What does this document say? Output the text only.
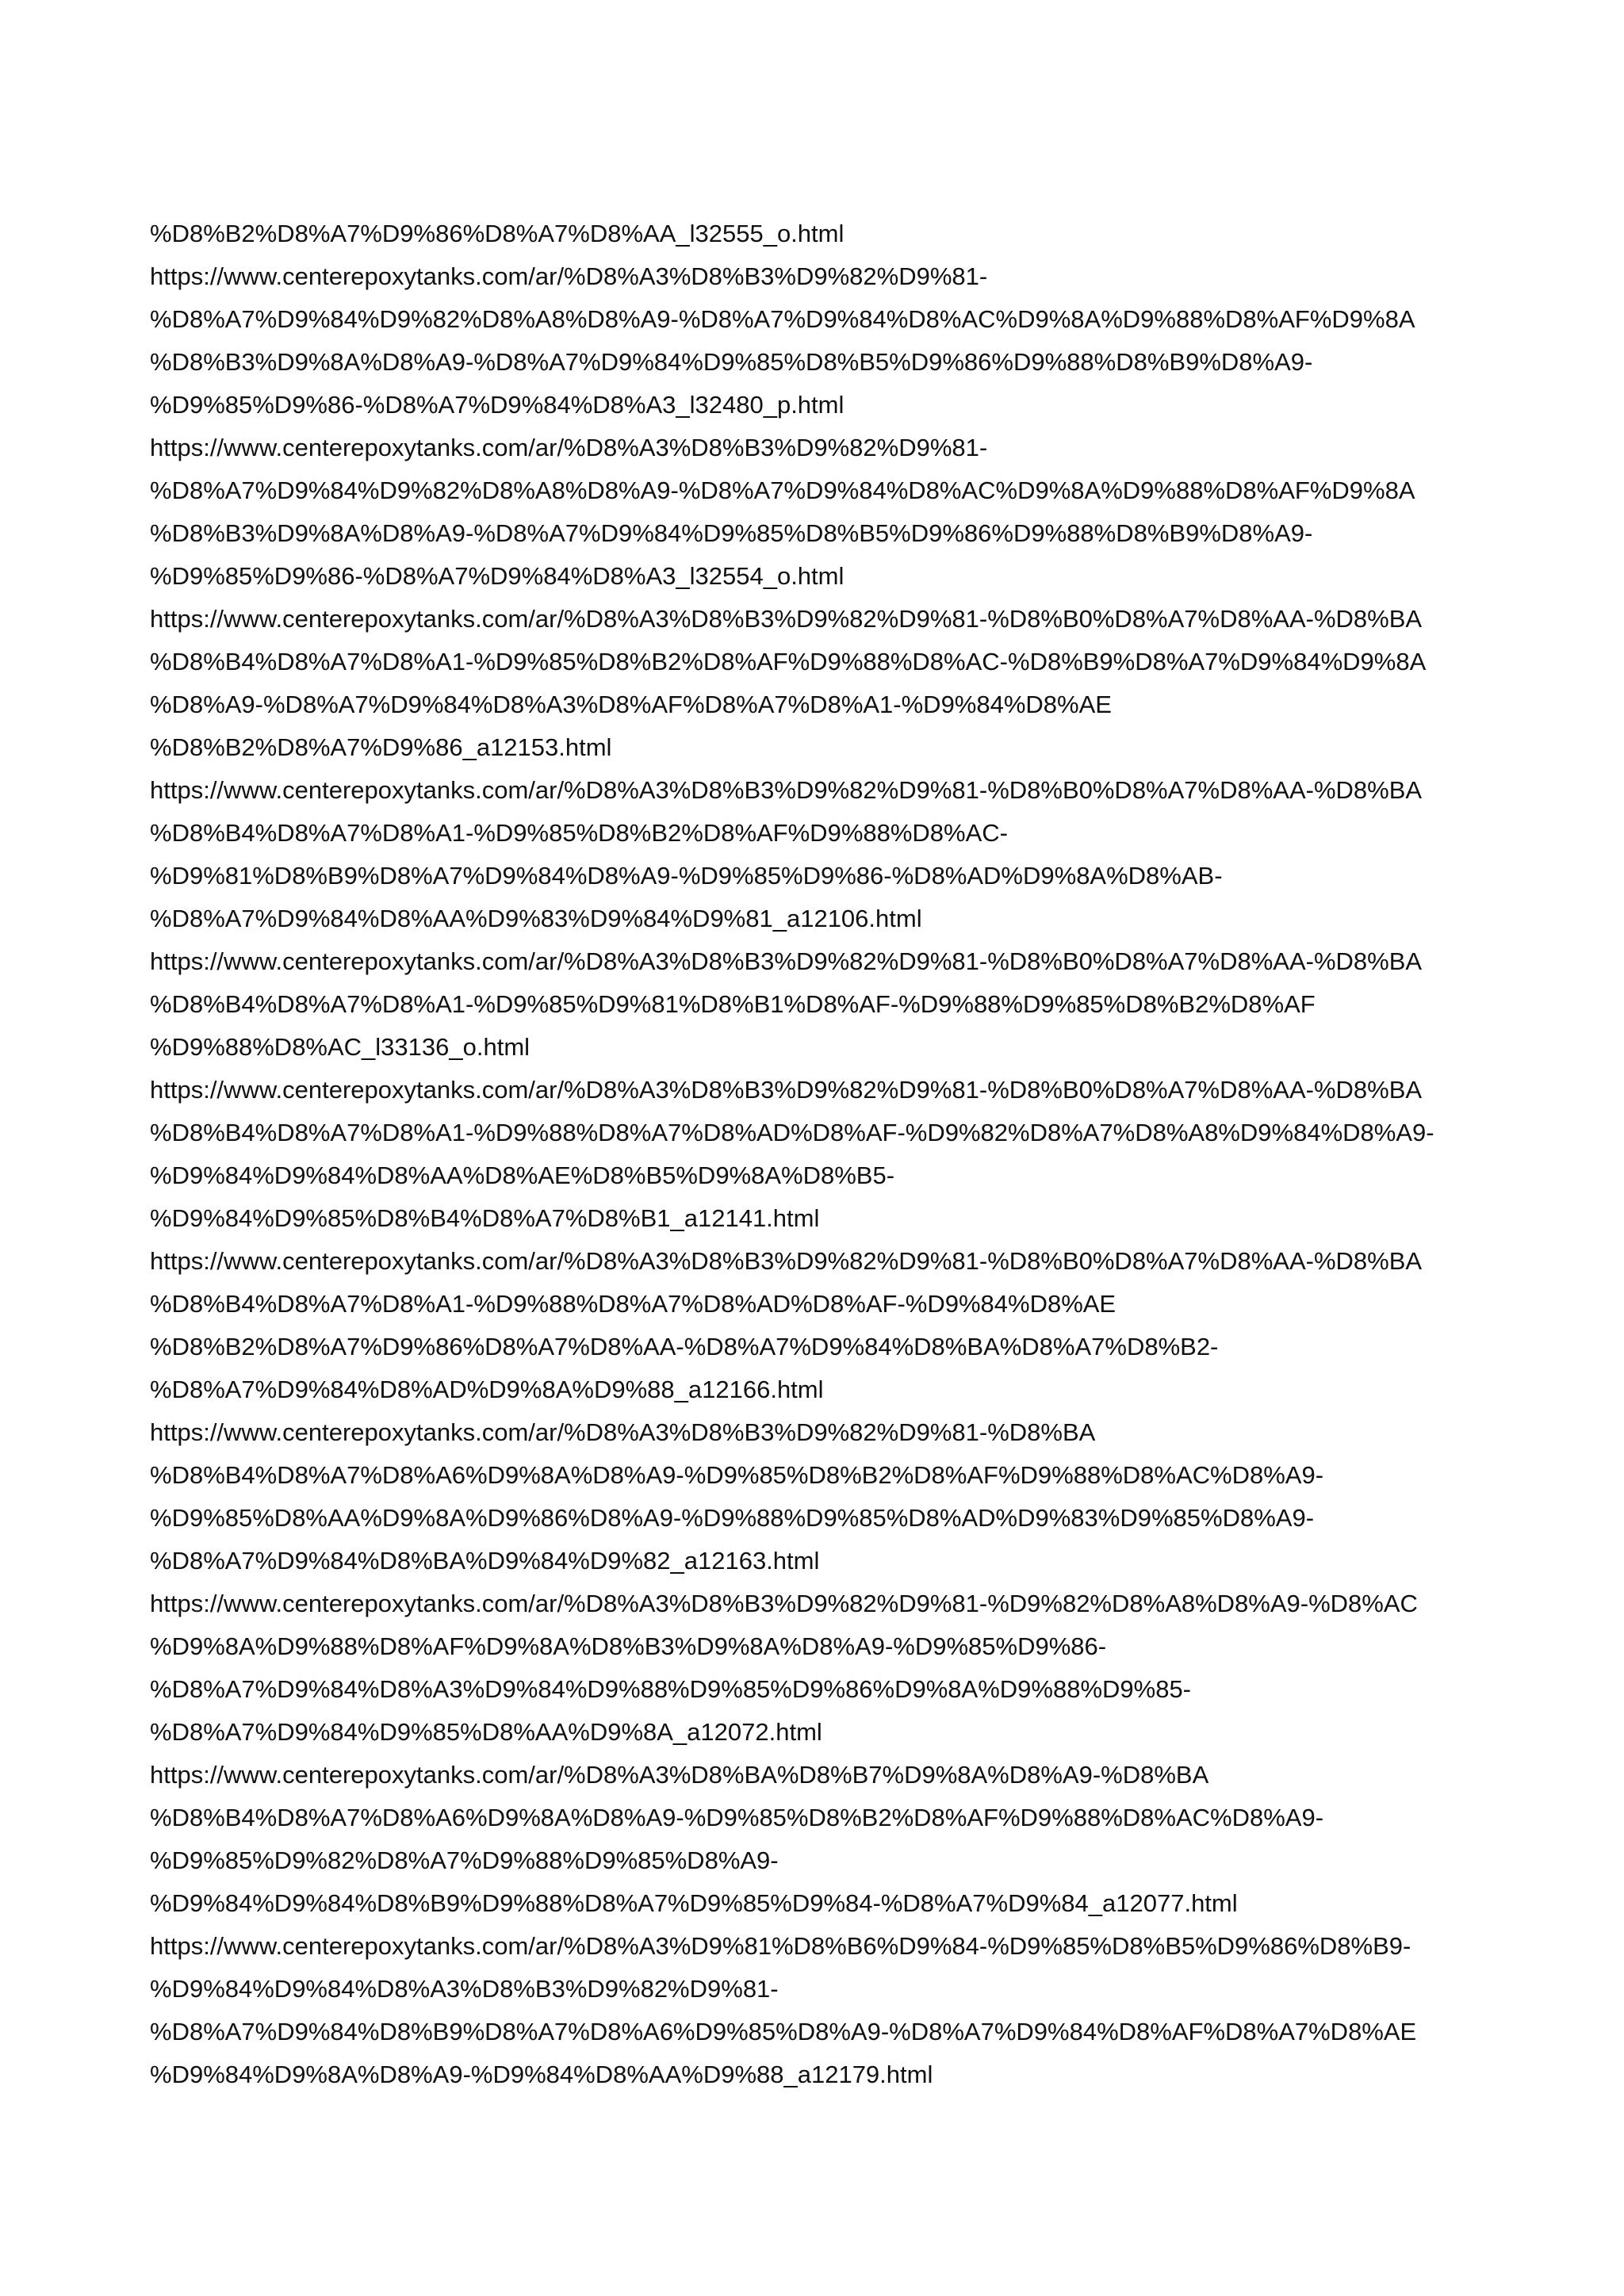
%D8%B2%D8%A7%D9%86%D8%A7%D8%AA_l32555_o.html
https://www.centerepoxytanks.com/ar/%D8%A3%D8%B3%D9%82%D9%81-
%D8%A7%D9%84%D9%82%D8%A8%D8%A9-%D8%A7%D9%84%D8%AC%D9%8A%D9%88%D8%AF%D9%8A
%D8%B3%D9%8A%D8%A9-%D8%A7%D9%84%D9%85%D8%B5%D9%86%D9%88%D8%B9%D8%A9-
%D9%85%D9%86-%D8%A7%D9%84%D8%A3_l32480_p.html
https://www.centerepoxytanks.com/ar/%D8%A3%D8%B3%D9%82%D9%81-
%D8%A7%D9%84%D9%82%D8%A8%D8%A9-%D8%A7%D9%84%D8%AC%D9%8A%D9%88%D8%AF%D9%8A
%D8%B3%D9%8A%D8%A9-%D8%A7%D9%84%D9%85%D8%B5%D9%86%D9%88%D8%B9%D8%A9-
%D9%85%D9%86-%D8%A7%D9%84%D8%A3_l32554_o.html
https://www.centerepoxytanks.com/ar/%D8%A3%D8%B3%D9%82%D9%81-%D8%B0%D8%A7%D8%AA-%D8%BA
%D8%B4%D8%A7%D8%A1-%D9%85%D8%B2%D8%AF%D9%88%D8%AC-%D8%B9%D8%A7%D9%84%D9%8A
%D8%A9-%D8%A7%D9%84%D8%A3%D8%AF%D8%A7%D8%A1-%D9%84%D8%AE
%D8%B2%D8%A7%D9%86_a12153.html
https://www.centerepoxytanks.com/ar/%D8%A3%D8%B3%D9%82%D9%81-%D8%B0%D8%A7%D8%AA-%D8%BA
%D8%B4%D8%A7%D8%A1-%D9%85%D8%B2%D8%AF%D9%88%D8%AC-
%D9%81%D8%B9%D8%A7%D9%84%D8%A9-%D9%85%D9%86-%D8%AD%D9%8A%D8%AB-
%D8%A7%D9%84%D8%AA%D9%83%D9%84%D9%81_a12106.html
https://www.centerepoxytanks.com/ar/%D8%A3%D8%B3%D9%82%D9%81-%D8%B0%D8%A7%D8%AA-%D8%BA
%D8%B4%D8%A7%D8%A1-%D9%85%D9%81%D8%B1%D8%AF-%D9%88%D9%85%D8%B2%D8%AF
%D9%88%D8%AC_l33136_o.html
https://www.centerepoxytanks.com/ar/%D8%A3%D8%B3%D9%82%D9%81-%D8%B0%D8%A7%D8%AA-%D8%BA
%D8%B4%D8%A7%D8%A1-%D9%88%D8%A7%D8%AD%D8%AF-%D9%82%D8%A7%D8%A8%D9%84%D8%A9-
%D9%84%D9%84%D8%AA%D8%AE%D8%B5%D9%8A%D8%B5-
%D9%84%D9%85%D8%B4%D8%A7%D8%B1_a12141.html
https://www.centerepoxytanks.com/ar/%D8%A3%D8%B3%D9%82%D9%81-%D8%B0%D8%A7%D8%AA-%D8%BA
%D8%B4%D8%A7%D8%A1-%D9%88%D8%A7%D8%AD%D8%AF-%D9%84%D8%AE
%D8%B2%D8%A7%D9%86%D8%A7%D8%AA-%D8%A7%D9%84%D8%BA%D8%A7%D8%B2-
%D8%A7%D9%84%D8%AD%D9%8A%D9%88_a12166.html
https://www.centerepoxytanks.com/ar/%D8%A3%D8%B3%D9%82%D9%81-%D8%BA
%D8%B4%D8%A7%D8%A6%D9%8A%D8%A9-%D9%85%D8%B2%D8%AF%D9%88%D8%AC%D8%A9-
%D9%85%D8%AA%D9%8A%D9%86%D8%A9-%D9%88%D9%85%D8%AD%D9%83%D9%85%D8%A9-
%D8%A7%D9%84%D8%BA%D9%84%D9%82_a12163.html
https://www.centerepoxytanks.com/ar/%D8%A3%D8%B3%D9%82%D9%81-%D9%82%D8%A8%D8%A9-%D8%AC
%D9%8A%D9%88%D8%AF%D9%8A%D8%B3%D9%8A%D8%A9-%D9%85%D9%86-
%D8%A7%D9%84%D8%A3%D9%84%D9%88%D9%85%D9%86%D9%8A%D9%88%D9%85-
%D8%A7%D9%84%D9%85%D8%AA%D9%8A_a12072.html
https://www.centerepoxytanks.com/ar/%D8%A3%D8%BA%D8%B7%D9%8A%D8%A9-%D8%BA
%D8%B4%D8%A7%D8%A6%D9%8A%D8%A9-%D9%85%D8%B2%D8%AF%D9%88%D8%AC%D8%A9-
%D9%85%D9%82%D8%A7%D9%88%D9%85%D8%A9-
%D9%84%D9%84%D8%B9%D9%88%D8%A7%D9%85%D9%84-%D8%A7%D9%84_a12077.html
https://www.centerepoxytanks.com/ar/%D8%A3%D9%81%D8%B6%D9%84-%D9%85%D8%B5%D9%86%D8%B9-
%D9%84%D9%84%D8%A3%D8%B3%D9%82%D9%81-
%D8%A7%D9%84%D8%B9%D8%A7%D8%A6%D9%85%D8%A9-%D8%A7%D9%84%D8%AF%D8%A7%D8%AE
%D9%84%D9%8A%D8%A9-%D9%84%D8%AA%D9%88_a12179.html
